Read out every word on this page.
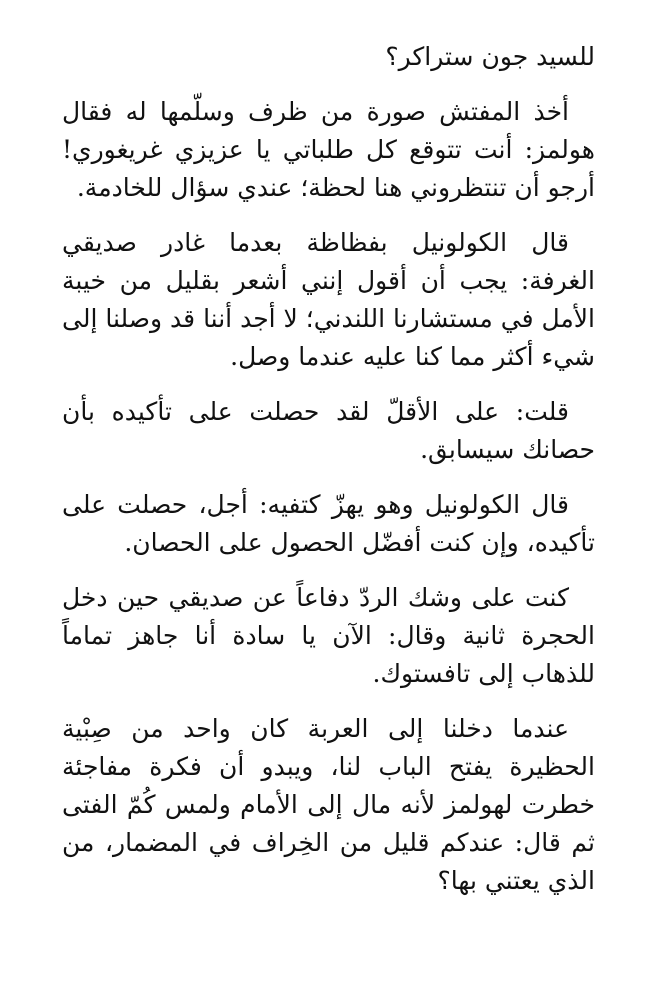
للسيد جون ستراكر؟

أخذ المفتش صورة من ظرف وسلّمها له فقال هولمز: أنت تتوقع كل طلباتي يا عزيزي غريغوري! أرجو أن تنتظروني هنا لحظة؛ عندي سؤال للخادمة.

قال الكولونيل بفظاظة بعدما غادر صديقي الغرفة: يجب أن أقول إنني أشعر بقليل من خيبة الأمل في مستشارنا اللندني؛ لا أجد أننا قد وصلنا إلى شيء أكثر مما كنا عليه عندما وصل.

قلت: على الأقلّ لقد حصلت على تأكيده بأن حصانك سيسابق.

قال الكولونيل وهو يهزّ كتفيه: أجل، حصلت على تأكيده، وإن كنت أفضّل الحصول على الحصان.

كنت على وشك الردّ دفاعاً عن صديقي حين دخل الحجرة ثانية وقال: الآن يا سادة أنا جاهز تماماً للذهاب إلى تافستوك.

عندما دخلنا إلى العربة كان واحد من صِبْية الحظيرة يفتح الباب لنا، ويبدو أن فكرة مفاجئة خطرت لهولمز لأنه مال إلى الأمام ولمس كُمّ الفتى ثم قال: عندكم قليل من الخِراف في المضمار، من الذي يعتني بها؟
